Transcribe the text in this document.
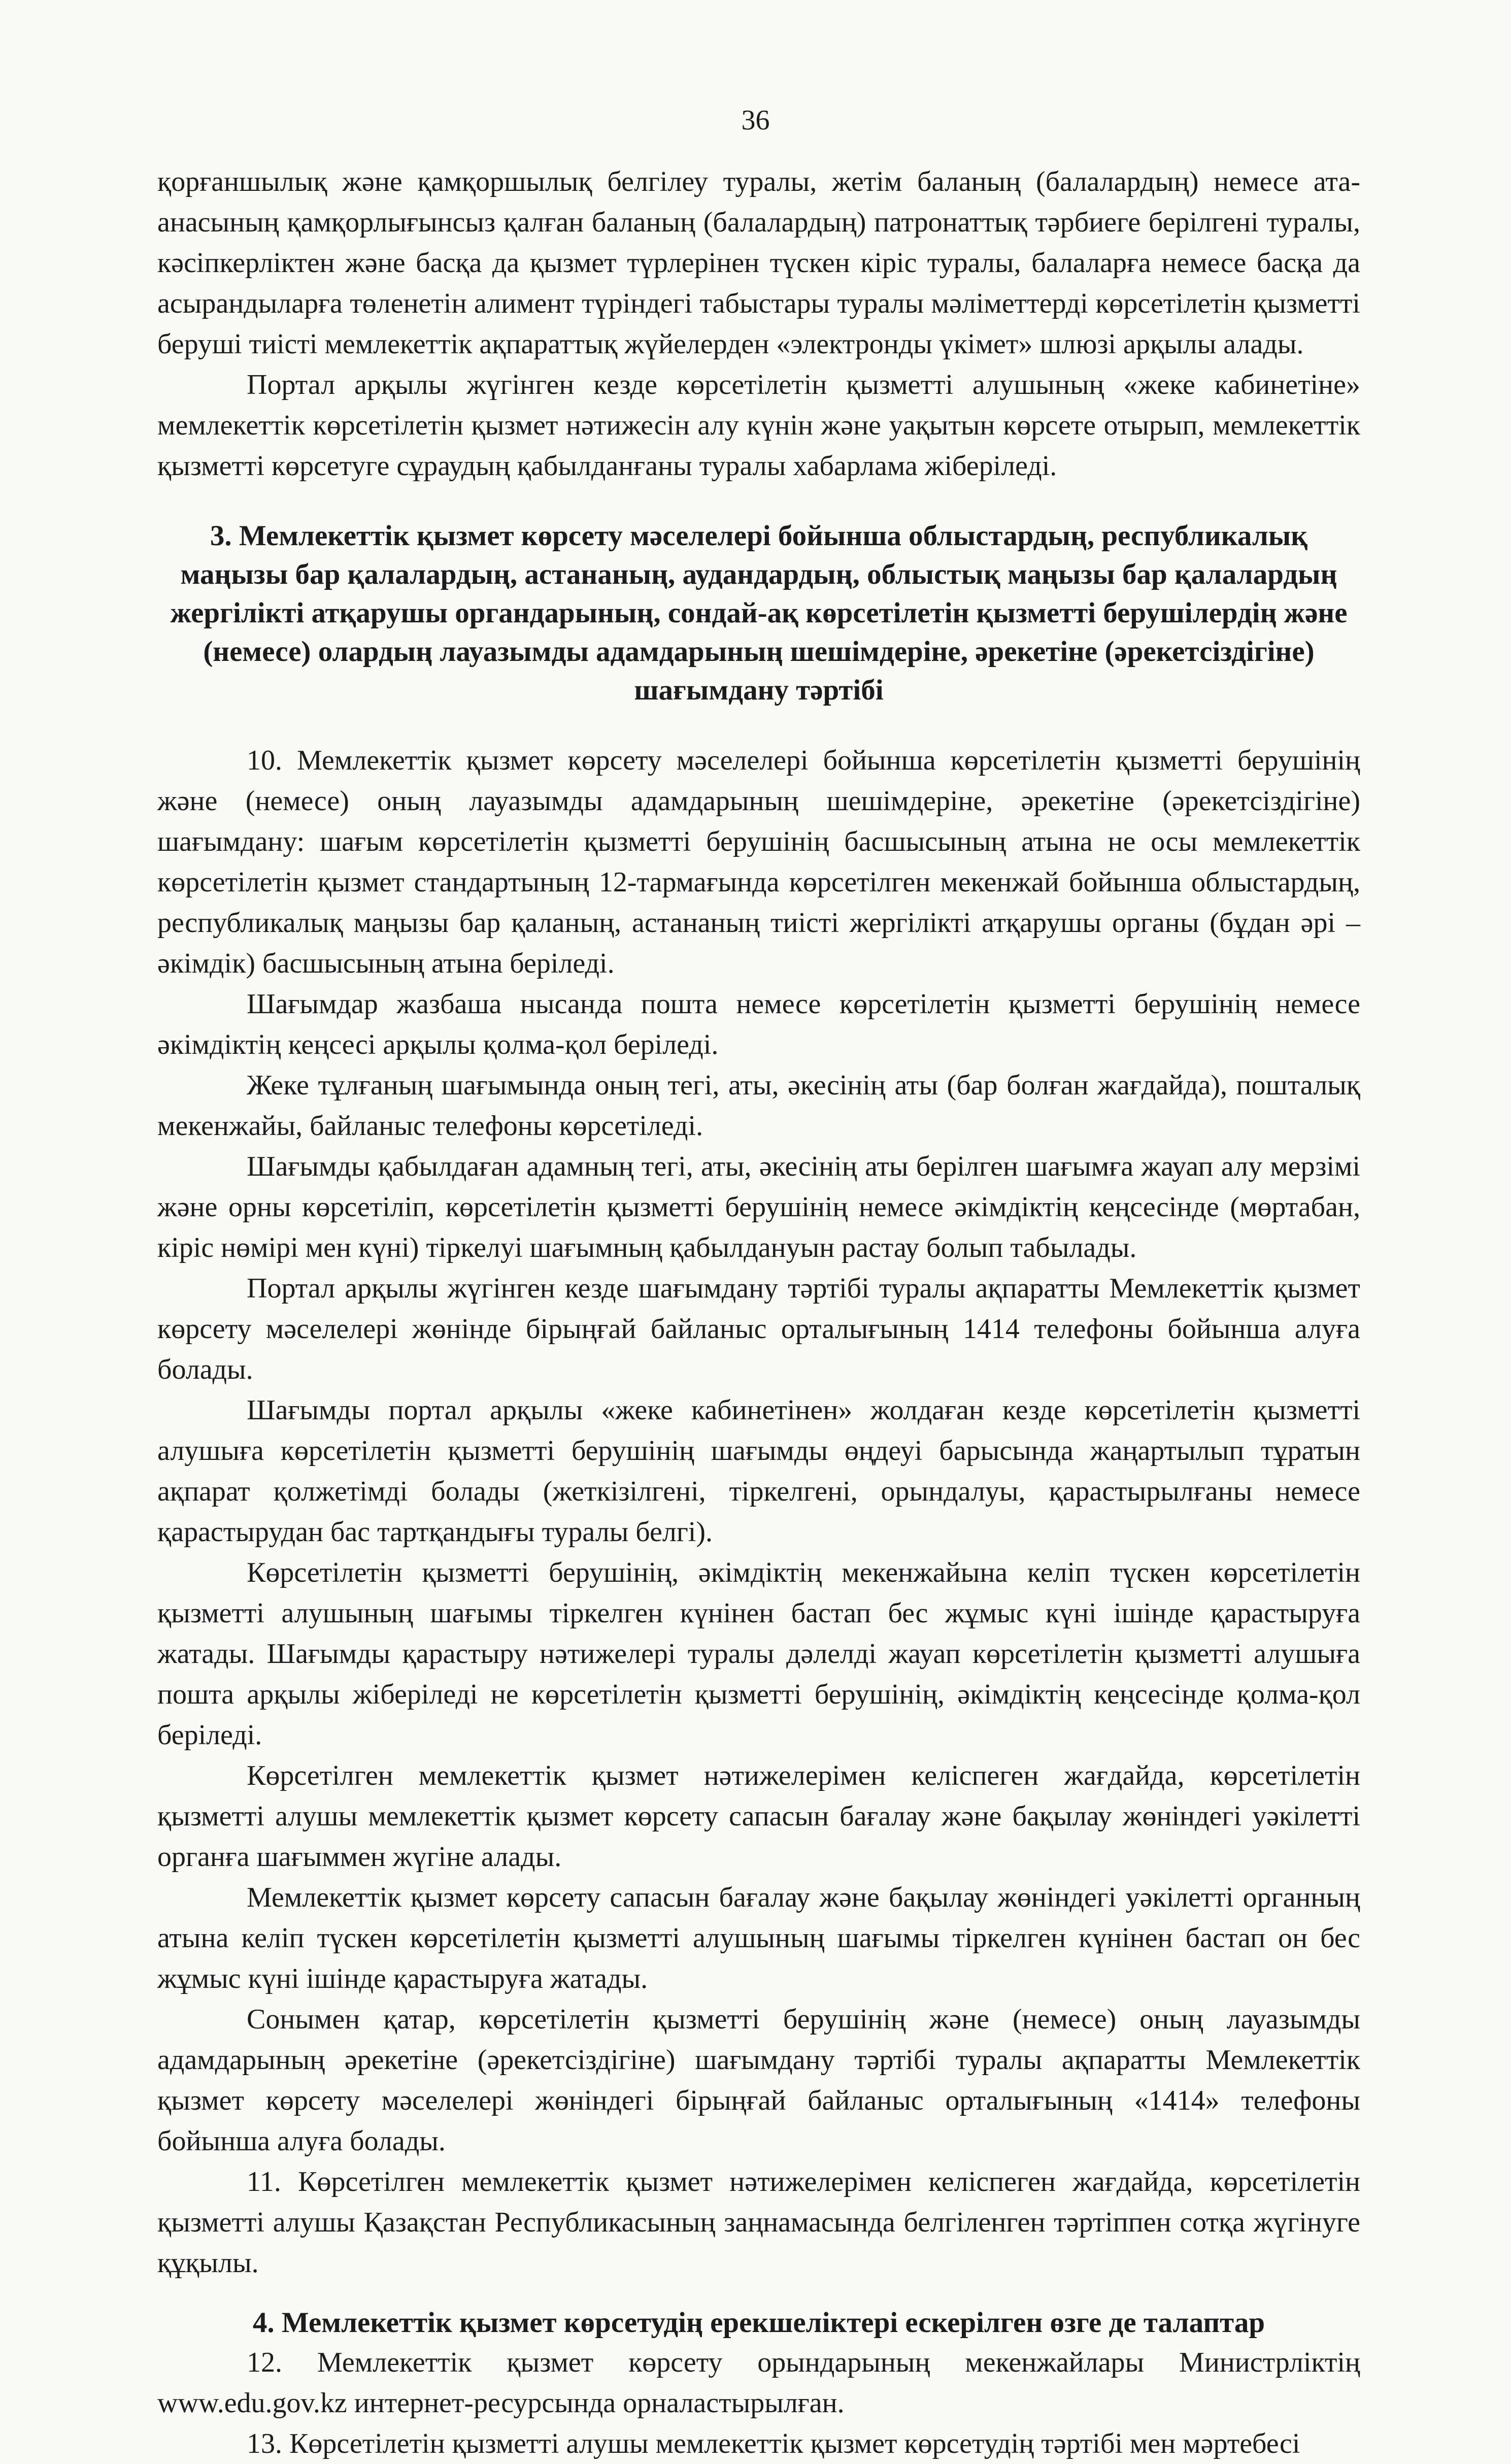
36

қорғаншылық және қамқоршылық белгілеу туралы, жетім баланың (балалардың) немесе ата-анасының қамқорлығынсыз қалған баланың (балалардың) патронаттық тәрбиеге берілгені туралы, кәсіпкерліктен және басқа да қызмет түрлерінен түскен кіріс туралы, балаларға немесе басқа да асырандыларға төленетін алимент түріндегі табыстары туралы мәліметтерді көрсетілетін қызметті беруші тиісті мемлекеттік ақпараттық жүйелерден «электронды үкімет» шлюзі арқылы алады.

Портал арқылы жүгінген кезде көрсетілетін қызметті алушының «жеке кабинетіне» мемлекеттік көрсетілетін қызмет нәтижесін алу күнін және уақытын көрсете отырып, мемлекеттік қызметті көрсетуге сұраудың қабылданғаны туралы хабарлама жіберіледі.

3. Мемлекеттік қызмет көрсету мәселелері бойынша облыстардың, республикалық маңызы бар қалалардың, астананың, аудандардың, облыстық маңызы бар қалалардың жергілікті атқарушы органдарының, сондай-ақ көрсетілетін қызметті берушілердің және (немесе) олардың лауазымды адамдарының шешімдеріне, әрекетіне (әрекетсіздігіне) шағымдану тәртібі

10. Мемлекеттік қызмет көрсету мәселелері бойынша көрсетілетін қызметті берушінің және (немесе) оның лауазымды адамдарының шешімдеріне, әрекетіне (әрекетсіздігіне) шағымдану: шағым көрсетілетін қызметті берушінің басшысының атына не осы мемлекеттік көрсетілетін қызмет стандартының 12-тармағында көрсетілген мекенжай бойынша облыстардың, республикалық маңызы бар қаланың, астананың тиісті жергілікті атқарушы органы (бұдан әрі – әкімдік) басшысының атына беріледі.

Шағымдар жазбаша нысанда пошта немесе көрсетілетін қызметті берушінің немесе әкімдіктің кеңсесі арқылы қолма-қол беріледі.

Жеке тұлғаның шағымында оның тегі, аты, әкесінің аты (бар болған жағдайда), пошталық мекенжайы, байланыс телефоны көрсетіледі.

Шағымды қабылдаған адамның тегі, аты, әкесінің аты берілген шағымға жауап алу мерзімі және орны көрсетіліп, көрсетілетін қызметті берушінің немесе әкімдіктің кеңсесінде (мөртабан, кіріс нөмірі мен күні) тіркелуі шағымның қабылдануын растау болып табылады.

Портал арқылы жүгінген кезде шағымдану тәртібі туралы ақпаратты Мемлекеттік қызмет көрсету мәселелері жөнінде бірыңғай байланыс орталығының 1414 телефоны бойынша алуға болады.

Шағымды портал арқылы «жеке кабинетінен» жолдаған кезде көрсетілетін қызметті алушыға көрсетілетін қызметті берушінің шағымды өңдеуі барысында жаңартылып тұратын ақпарат қолжетімді болады (жеткізілгені, тіркелгені, орындалуы, қарастырылғаны немесе қарастырудан бас тартқандығы туралы белгі).

Көрсетілетін қызметті берушінің, әкімдіктің мекенжайына келіп түскен көрсетілетін қызметті алушының шағымы тіркелген күнінен бастап бес жұмыс күні ішінде қарастыруға жатады. Шағымды қарастыру нәтижелері туралы дәлелді жауап көрсетілетін қызметті алушыға пошта арқылы жіберіледі не көрсетілетін қызметті берушінің, әкімдіктің кеңсесінде қолма-қол беріледі.

Көрсетілген мемлекеттік қызмет нәтижелерімен келіспеген жағдайда, көрсетілетін қызметті алушы мемлекеттік қызмет көрсету сапасын бағалау және бақылау жөніндегі уәкілетті органға шағыммен жүгіне алады.

Мемлекеттік қызмет көрсету сапасын бағалау және бақылау жөніндегі уәкілетті органның атына келіп түскен көрсетілетін қызметті алушының шағымы тіркелген күнінен бастап он бес жұмыс күні ішінде қарастыруға жатады.

Сонымен қатар, көрсетілетін қызметті берушінің және (немесе) оның лауазымды адамдарының әрекетіне (әрекетсіздігіне) шағымдану тәртібі туралы ақпаратты Мемлекеттік қызмет көрсету мәселелері жөніндегі бірыңғай байланыс орталығының «1414» телефоны бойынша алуға болады.

11. Көрсетілген мемлекеттік қызмет нәтижелерімен келіспеген жағдайда, көрсетілетін қызметті алушы Қазақстан Республикасының заңнамасында белгіленген тәртіппен сотқа жүгінуге құқылы.

4. Мемлекеттік қызмет көрсетудің ерекшеліктері ескерілген өзге де талаптар

12. Мемлекеттік қызмет көрсету орындарының мекенжайлары Министрліктің www.edu.gov.kz интернет-ресурсында орналастырылған.

13. Көрсетілетін қызметті алушы мемлекеттік қызмет көрсетудің тәртібі мен мәртебесі
